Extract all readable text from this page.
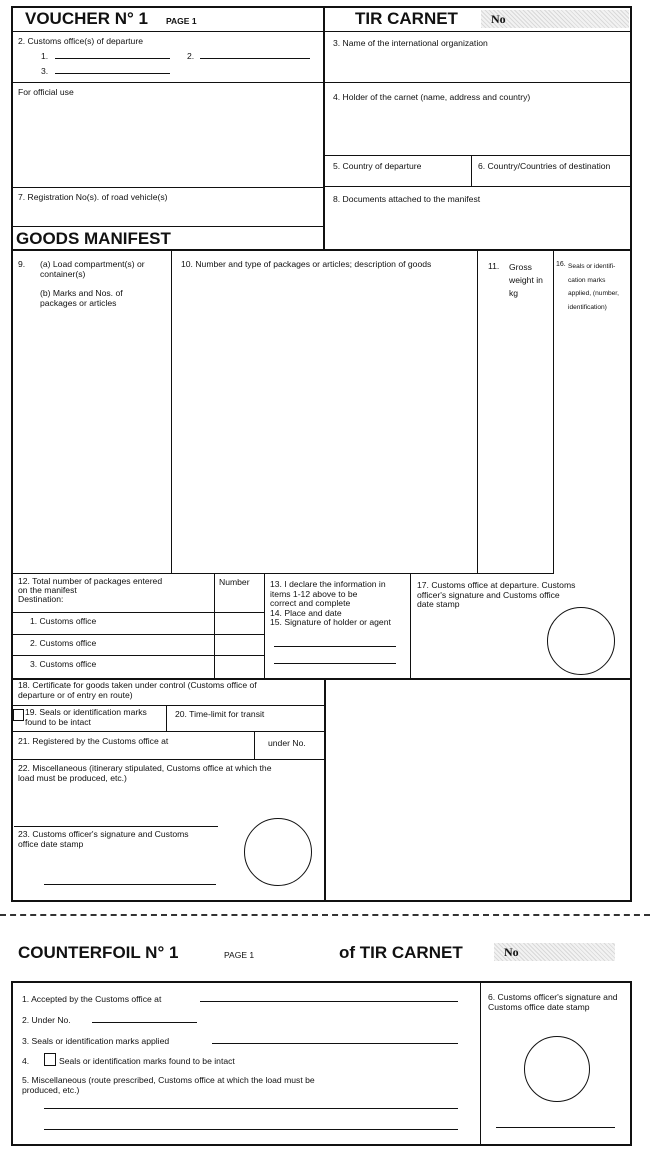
VOUCHER N° 1 PAGE 1	TIR CARNET	No
2. Customs office(s) of departure
1.	2.
3.
3. Name of the international organization
For official use	4. Holder of the carnet (name, address and country)
5. Country of departure	6. Country/Countries of destination
7. Registration No(s). of road vehicle(s)	8. Documents attached to the manifest
GOODS MANIFEST
9. (a) Load compartment(s) or
container(s)
(b) Marks and Nos. of
packages or articles
10. Number and type of packages or articles; description of goods	11. Gross
weight in
kg
16. Seals or identifi-
cation marks
applied, (number,
identification)
12. Total number of packages entered
on the manifest
Destination:
Number
1. Customs office
2. Customs office
3. Customs office
13. I declare the information in
items 1-12 above to be
correct and complete
14. Place and date
15. Signature of holder or agent
17. Customs office at departure. Customs
officer's signature and Customs office
date stamp
18. Certificate for goods taken under control (Customs office of
departure or of entry en route)
19. Seals or identification marks
found to be intact
20. Time-limit for transit
21. Registered by the Customs office at	under No.
22. Miscellaneous (itinerary stipulated, Customs office at which the
load must be produced, etc.)
23. Customs officer's signature and Customs
office date stamp
COUNTERFOIL N° 1	PAGE 1	of TIR CARNET	No
1. Accepted by the Customs office at
2. Under No.
3. Seals or identification marks applied
4.	Seals or identification marks found to be intact
5. Miscellaneous (route prescribed, Customs office at which the load must be
produced, etc.)
6. Customs officer's signature and
Customs office date stamp
